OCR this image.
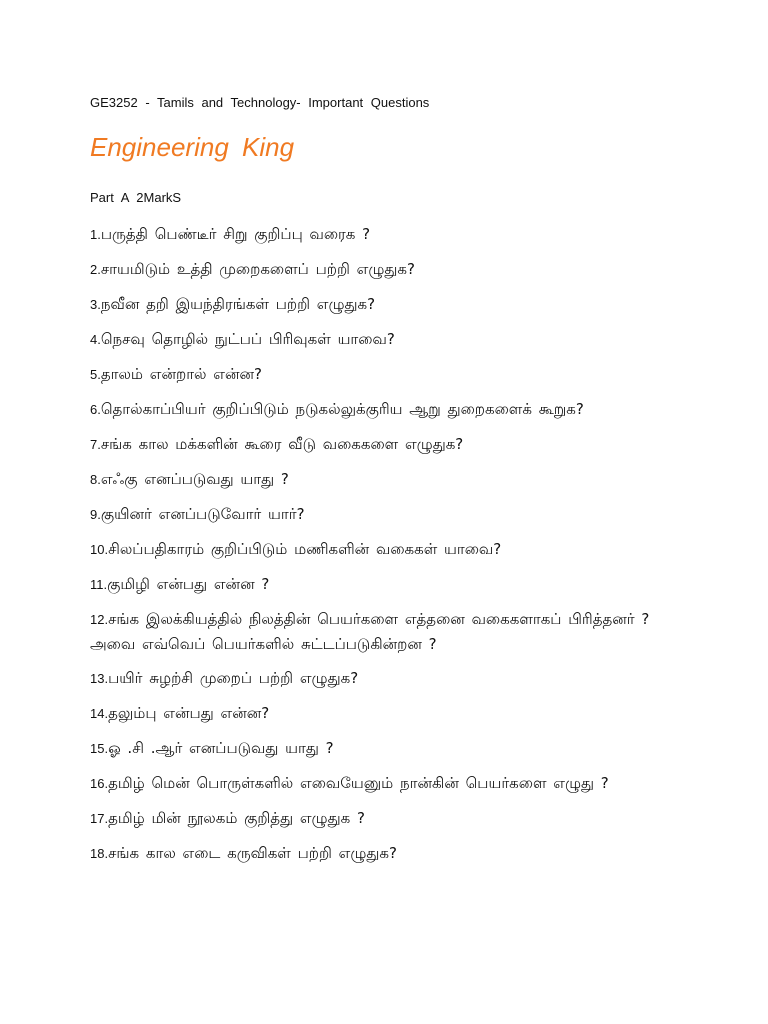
GE3252 - Tamils and Technology- Important Questions
Engineering King
Part A 2MarkS
1.பருத்தி பெண்டீர் சிறு குறிப்பு வரைக ?
2.சாயமிடும் உத்தி முறைகளைப் பற்றி எழுதுக?
3.நவீன தறி இயந்திரங்கள் பற்றி எழுதுக?
4.நெசவு தொழில் நுட்பப் பிரிவுகள் யாவை?
5.தாலம் என்றால் என்ன?
6.தொல்காப்பியர் குறிப்பிடும் நடுகல்லுக்குரிய ஆறு துறைகளைக் கூறுக?
7.சங்க கால மக்களின் கூரை வீடு வகைகளை எழுதுக?
8.எஃகு எனப்படுவது யாது ?
9.குயினர் எனப்படுவோர் யார்?
10.சிலப்பதிகாரம் குறிப்பிடும் மணிகளின் வகைகள் யாவை?
11.குமிழி என்பது என்ன ?
12.சங்க இலக்கியத்தில் நிலத்தின் பெயர்களை எத்தனை வகைகளாகப் பிரித்தனர் ? அவை எவ்வெப் பெயர்களில் சுட்டப்படுகின்றன ?
13.பயிர் சுழற்சி முறைப் பற்றி எழுதுக?
14.தலும்பு என்பது என்ன?
15.ஓ .சி .ஆர் எனப்படுவது யாது ?
16.தமிழ் மென் பொருள்களில் எவையேனும் நான்கின் பெயர்களை எழுது ?
17.தமிழ் மின் நூலகம் குறித்து எழுதுக ?
18.சங்க கால எடை கருவிகள் பற்றி எழுதுக?
